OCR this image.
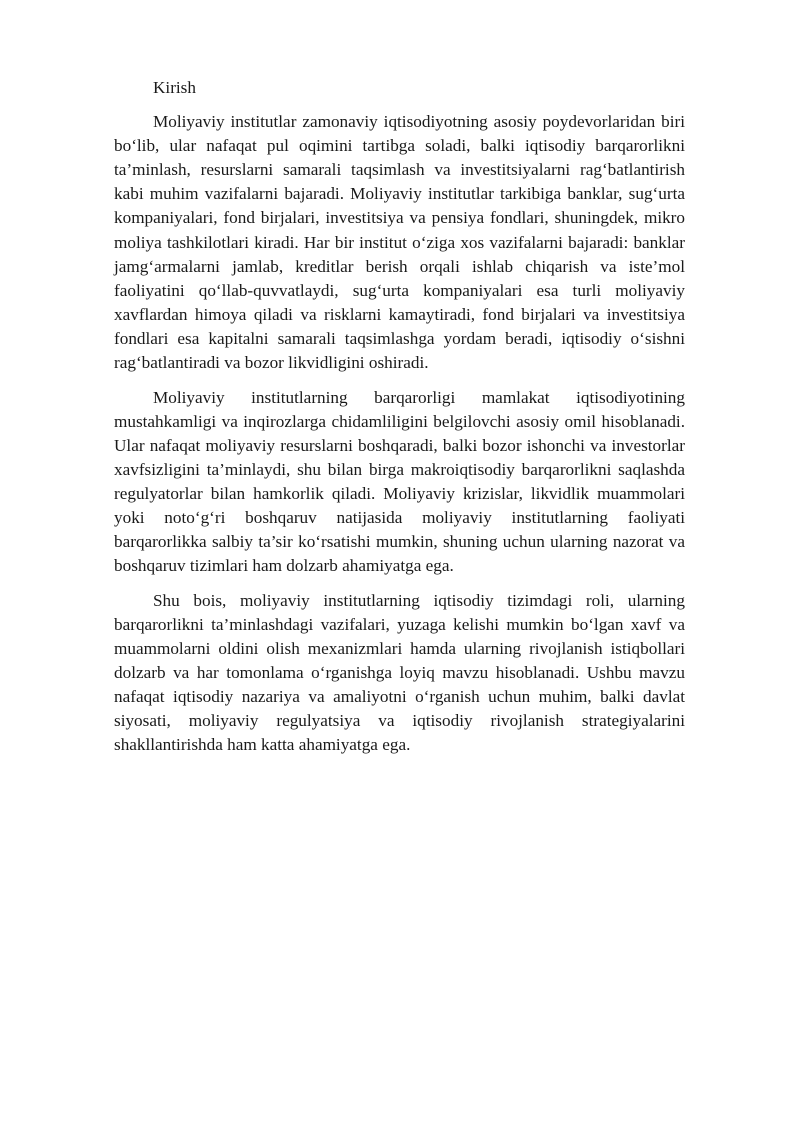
Kirish

Moliyaviy institutlar zamonaviy iqtisodiyotning asosiy poydevorlaridan biri bo‘lib, ular nafaqat pul oqimini tartibga soladi, balki iqtisodiy barqarorlikni ta’minlash, resurslarni samarali taqsimlash va investitsiyalarni rag‘batlantirish kabi muhim vazifalarni bajaradi. Moliyaviy institutlar tarkibiga banklar, sug‘urta kompaniyalari, fond birjalari, investitsiya va pensiya fondlari, shuningdek, mikro moliya tashkilotlari kiradi. Har bir institut o‘ziga xos vazifalarni bajaradi: banklar jamg‘armalarni jamlab, kreditlar berish orqali ishlab chiqarish va iste’mol faoliyatini qo‘llab-quvvatlaydi, sug‘urta kompaniyalari esa turli moliyaviy xavflardan himoya qiladi va risklarni kamaytiradi, fond birjalari va investitsiya fondlari esa kapitalni samarali taqsimlashga yordam beradi, iqtisodiy o‘sishni rag‘batlantiradi va bozor likvidligini oshiradi.

Moliyaviy institutlarning barqarorligi mamlakat iqtisodiyotining mustahkamligi va inqirozlarga chidamliligini belgilovchi asosiy omil hisoblanadi. Ular nafaqat moliyaviy resurslarni boshqaradi, balki bozor ishonchi va investorlar xavfsizligini ta’minlaydi, shu bilan birga makroiqtisodiy barqarorlikni saqlashda regulyatorlar bilan hamkorlik qiladi. Moliyaviy krizislar, likvidlik muammolari yoki noto‘g‘ri boshqaruv natijasida moliyaviy institutlarning faoliyati barqarorlikka salbiy ta’sir ko‘rsatishi mumkin, shuning uchun ularning nazorat va boshqaruv tizimlari ham dolzarb ahamiyatga ega.

Shu bois, moliyaviy institutlarning iqtisodiy tizimdagi roli, ularning barqarorlikni ta’minlashdagi vazifalari, yuzaga kelishi mumkin bo‘lgan xavf va muammolarni oldini olish mexanizmlari hamda ularning rivojlanish istiqbollari dolzarb va har tomonlama o‘rganishga loyiq mavzu hisoblanadi. Ushbu mavzu nafaqat iqtisodiy nazariya va amaliyotni o‘rganish uchun muhim, balki davlat siyosati, moliyaviy regulyatsiya va iqtisodiy rivojlanish strategiyalarini shakllantirishda ham katta ahamiyatga ega.
